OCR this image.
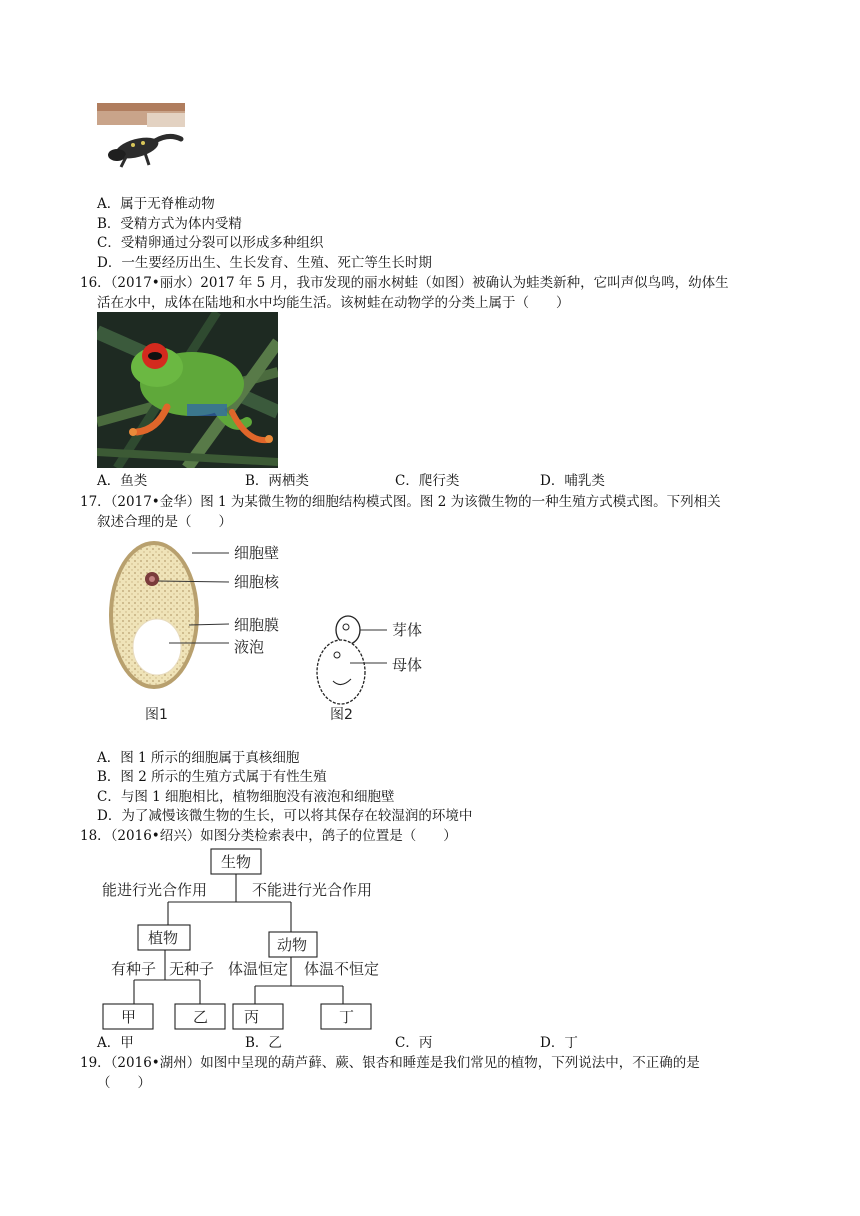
A．属于无脊椎动物
B．受精方式为体内受精
C．受精卵通过分裂可以形成多种组织
D．一生要经历出生、生长发育、生殖、死亡等生长时期
16．（2017•丽水）2017 年 5 月，我市发现的丽水树蛙（如图）被确认为蛙类新种，它叫声似鸟鸣，幼体生
活在水中，成体在陆地和水中均能生活。该树蛙在动物学的分类上属于（　　）
A．鱼类	B．两栖类	C．爬行类	D．哺乳类
17．（2017•金华）图 1 为某微生物的细胞结构模式图。图 2 为该微生物的一种生殖方式模式图。下列相关
叙述合理的是（　　）
细胞壁
细胞核
细胞膜
液泡
图1
芽体
母体
图2
A．图 1 所示的细胞属于真核细胞
B．图 2 所示的生殖方式属于有性生殖
C．与图 1 细胞相比，植物细胞没有液泡和细胞壁
D．为了减慢该微生物的生长，可以将其保存在较湿润的环境中
18．（2016•绍兴）如图分类检索表中，鸽子的位置是（　　）
生物
能进行光合作用	不能进行光合作用
植物	动物
有种子 无种子 体温恒定 体温不恒定
甲	乙 丙	丁
A．甲	B．乙	C．丙	D．丁
19．（2016•湖州）如图中呈现的葫芦藓、蕨、银杏和睡莲是我们常见的植物，下列说法中，不正确的是
（　　）
